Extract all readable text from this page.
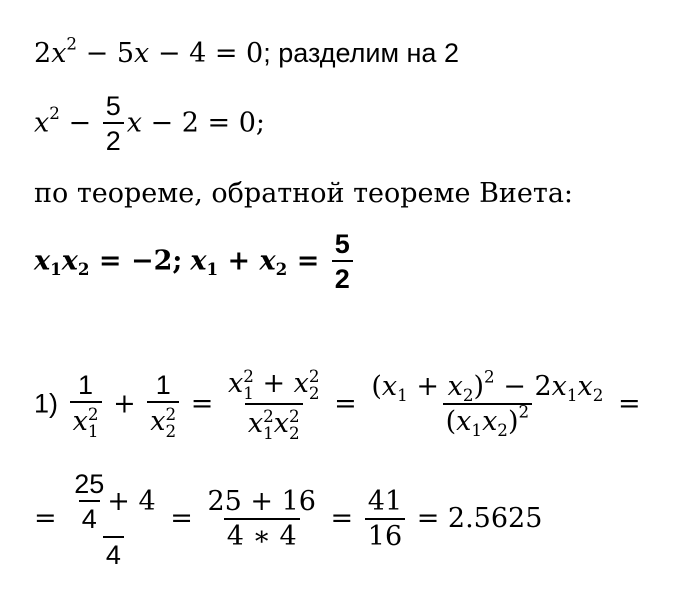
$2x^2 - 5x - 4 = 0$; разделим на 2
$x^2 - \frac{5}{2}$ x − 2 = 0;
по теореме, обратной теореме Виета:
$x_1x_2 = -2$; $x_1 + x_2 = \frac{5}{2}$
1) 1
x 2
1 + 1
x 2
2 = x 2
1 + x 2
2
x 2
1 x 2
$2 = \frac{(x_1 + x_2)^2 - 2x_1x_2}{(x_1x_2)^2}$ =
= $\frac{\frac{25}{4} + 4}{4} = \frac{25 + 16}{4 ∗ 4} = \frac{41}{16} = 2.5625$
